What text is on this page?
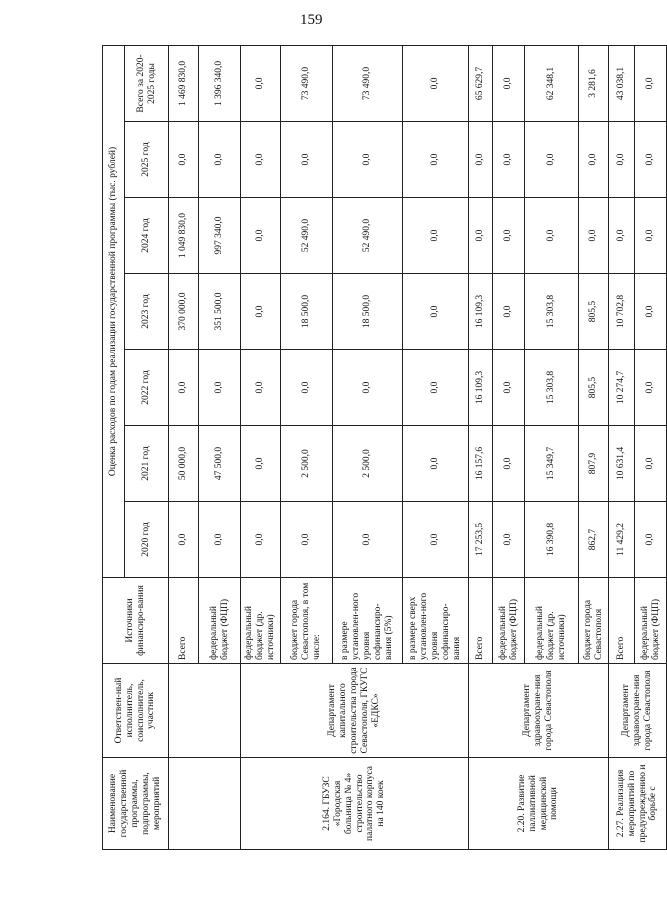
159
Наименование государственной программы, подпрограммы, мероприятий	Ответствен-ный исполнитель, соисполнитель, участник	Источники финансиро-вания	Оценка расходов по годам реализации государственной программы (тыс. рублей)						
			2020 год	2021 год	2022 год	2023 год	2024 год	2025 год	Всего за 2020-2025 годы
		Всего	0,0	50 000,0	0,0	370 000,0	1 049 830,0	0,0	1 469 830,0
		федеральный бюджет (ФЦП)	0,0	47 500,0	0,0	351 500,0	997 340,0	0,0	1 396 340,0
2.164. ГБУЗС «Городская больница № 4» строительство палатного корпуса на 140 коек	Департамент капитального строительства города Севастополя, ГКУГС «ЕДКС»	федеральный бюджет (др. источники)	0,0	0,0	0,0	0,0	0,0	0,0	0,0
		бюджет города Севастополя, в том числе:	0,0	2 500,0	0,0	18 500,0	52 490,0	0,0	73 490,0
		в размере установлен-ного уровня софинансиро-вания (5%)	0,0	2 500,0	0,0	18 500,0	52 490,0	0,0	73 490,0
		в размере сверх установлен-ного уровня софинансиро-вания	0,0	0,0	0,0	0,0	0,0	0,0	0,0
2.20. Развитие паллиативной медицинской помощи	Департамент здравоохране-ния города Севастополя	Всего	17 253,5	16 157,6	16 109,3	16 109,3	0,0	0,0	65 629,7
		федеральный бюджет (ФЦП)	0,0	0,0	0,0	0,0	0,0	0,0	0,0
		федеральный бюджет (др. источники)	16 390,8	15 349,7	15 303,8	15 303,8	0,0	0,0	62 348,1
		бюджет города Севастополя	862,7	807,9	805,5	805,5	0,0	0,0	3 281,6
2.27. Реализация мероприятий по предупреждению и борьбе с	Департамент здравоохране-ния города Севастополя	Всего	11 429,2	10 631,4	10 274,7	10 702,8	0,0	0,0	43 038,1
		федеральный бюджет (ФЦП)	0,0	0,0	0,0	0,0	0,0	0,0	0,0
